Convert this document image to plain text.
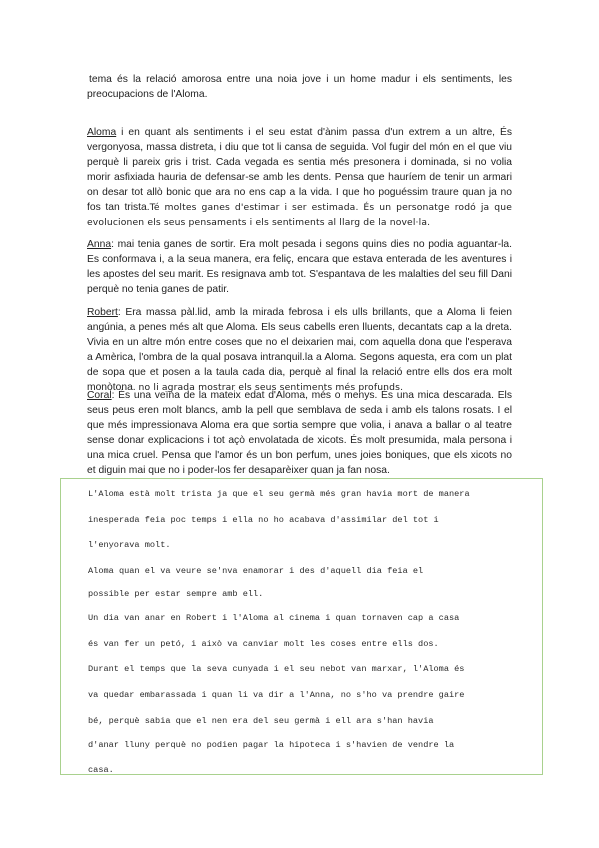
tema és la relació amorosa entre una noia jove i un home madur i els sentiments, les preocupacions de l'Aloma.

Aloma i en quant als sentiments i el seu estat d'ànim passa d'un extrem a un altre, És vergonyosa, massa distreta, i diu que tot li cansa de seguida. Vol fugir del món en el que viu perquè li pareix gris i trist. Cada vegada es sentia més presonera i dominada, si no volia morir asfixiada hauria de defensar-se amb les dents. Pensa que hauríem de tenir un armari on desar tot allò bonic que ara no ens cap a la vida. I que ho poguéssim traure quan ja no fos tan trista.Té moltes ganes d'estimar i ser estimada. És un personatge rodó ja que evolucionen els seus pensaments i els sentiments al llarg de la novel·la.

Anna: mai tenia ganes de sortir. Era molt pesada i segons quins dies no podia aguantar-la. Es conformava i, a la seua manera, era feliç, encara que estava enterada de les aventures i les apostes del seu marit. Es resignava amb tot. S'espantava de les malalties del seu fill Dani perquè no tenia ganes de patir.

Robert: Era massa pàl.lid, amb la mirada febrosa i els ulls brillants, que a Aloma li feien angúnia, a penes més alt que Aloma. Els seus cabells eren lluents, decantats cap a la dreta. Vivia en un altre món entre coses que no el deixarien mai, com aquella dona que l'esperava a Amèrica, l'ombra de la qual posava intranquil.la a Aloma. Segons aquesta, era com un plat de sopa que et posen a la taula cada dia, perquè al final la relació entre ells dos era molt monòtona. no li agrada mostrar els seus sentiments més profunds.

Coral: És una veïna de la mateix edat d'Aloma, més o menys. És una mica descarada. Els seus peus eren molt blancs, amb la pell que semblava de seda i amb els talons rosats. I el que més impressionava Aloma era que sortia sempre que volia, i anava a ballar o al teatre sense donar explicacions i tot açò envolatada de xicots. És molt presumida, mala persona i una mica cruel. Pensa que l'amor és un bon perfum, unes joies boniques, que els xicots no et diguin mai que no i poder-los fer desaparèixer quan ja fan nosa.

L'Aloma està molt trista ja que el seu germà més gran havia mort de manera

inesperada feia poc temps i ella no ho acabava d'assimilar del tot i

l'enyorava molt.

Aloma quan el va veure se'nva enamorar i des d'aquell dia feia el

possible per estar sempre amb ell.

Un dia van anar en Robert i l'Aloma al cinema i quan tornaven cap a casa

és van fer un petó, i això va canviar molt les coses entre ells dos.

Durant el temps que la seva cunyada i el seu nebot van marxar, l'Aloma és

va quedar embarassada i quan li va dir a l'Anna, no s'ho va prendre gaire

bé, perquè sabia que el nen era del seu germà i ell ara s'han havia

d'anar lluny perquè no podien pagar la hipoteca i s'havien de vendre la

casa.
